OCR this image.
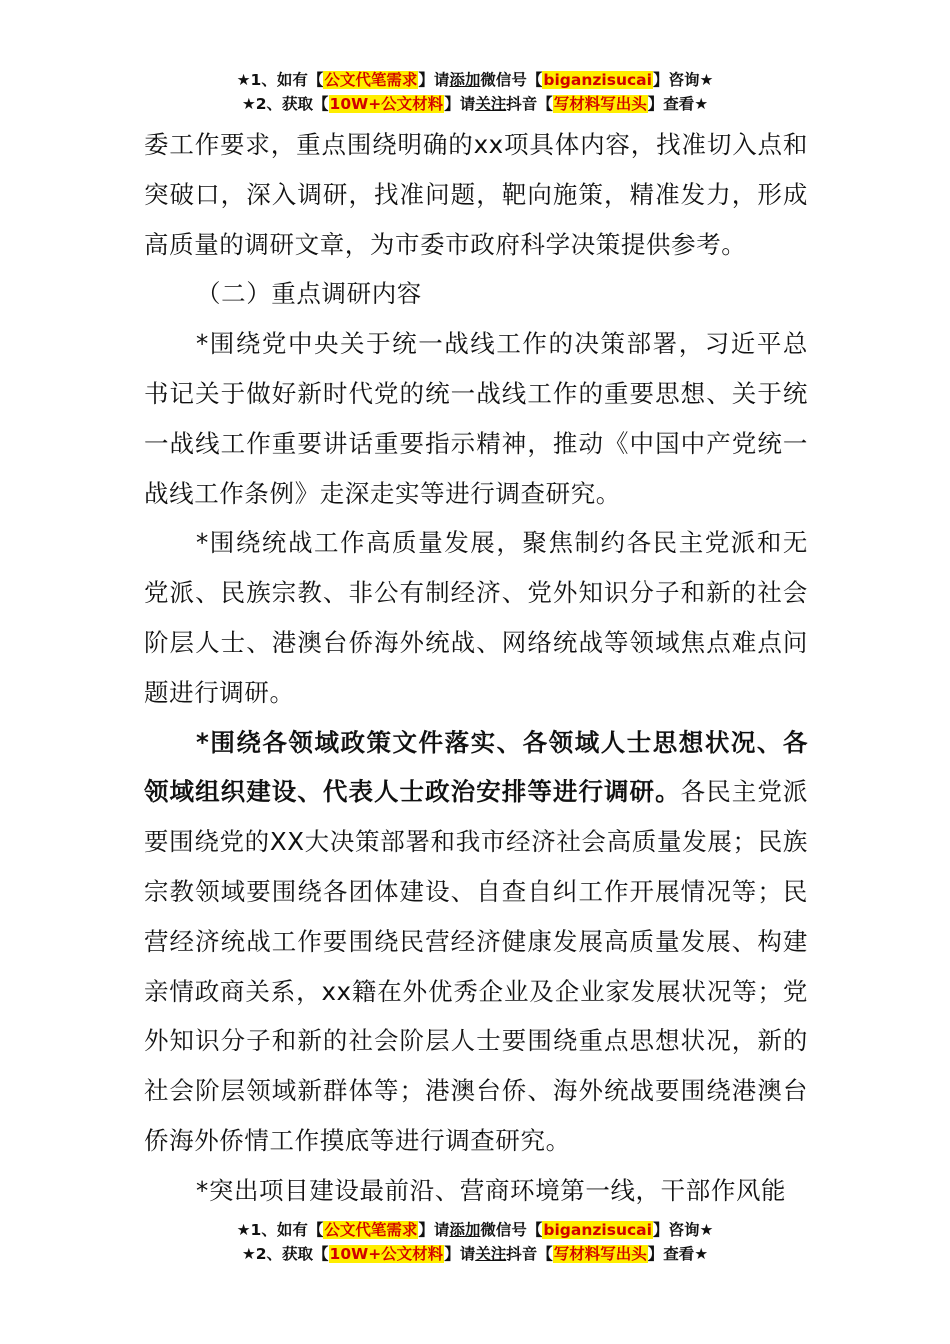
★1、如有【公文代笔需求】请添加微信号【biganzisucai】咨询★
★2、获取【10W+公文材料】请关注抖音【写材料写出头】查看★

委工作要求，重点围绕明确的xx项具体内容，找准切入点和突破口，深入调研，找准问题，靶向施策，精准发力，形成高质量的调研文章，为市委市政府科学决策提供参考。

（二）重点调研内容

*围绕党中央关于统一战线工作的决策部署，习近平总书记关于做好新时代党的统一战线工作的重要思想、关于统一战线工作重要讲话重要指示精神，推动《中国中产党统一战线工作条例》走深走实等进行调查研究。

*围绕统战工作高质量发展，聚焦制约各民主党派和无党派、民族宗教、非公有制经济、党外知识分子和新的社会阶层人士、港澳台侨海外统战、网络统战等领域焦点难点问题进行调研。

*围绕各领域政策文件落实、各领域人士思想状况、各领域组织建设、代表人士政治安排等进行调研。各民主党派要围绕党的XX大决策部署和我市经济社会高质量发展；民族宗教领域要围绕各团体建设、自查自纠工作开展情况等；民营经济统战工作要围绕民营经济健康发展高质量发展、构建亲情政商关系，xx籍在外优秀企业及企业家发展状况等；党外知识分子和新的社会阶层人士要围绕重点思想状况，新的社会阶层领域新群体等；港澳台侨、海外统战要围绕港澳台侨海外侨情工作摸底等进行调查研究。

*突出项目建设最前沿、营商环境第一线，干部作风能

★1、如有【公文代笔需求】请添加微信号【biganzisucai】咨询★
★2、获取【10W+公文材料】请关注抖音【写材料写出头】查看★
